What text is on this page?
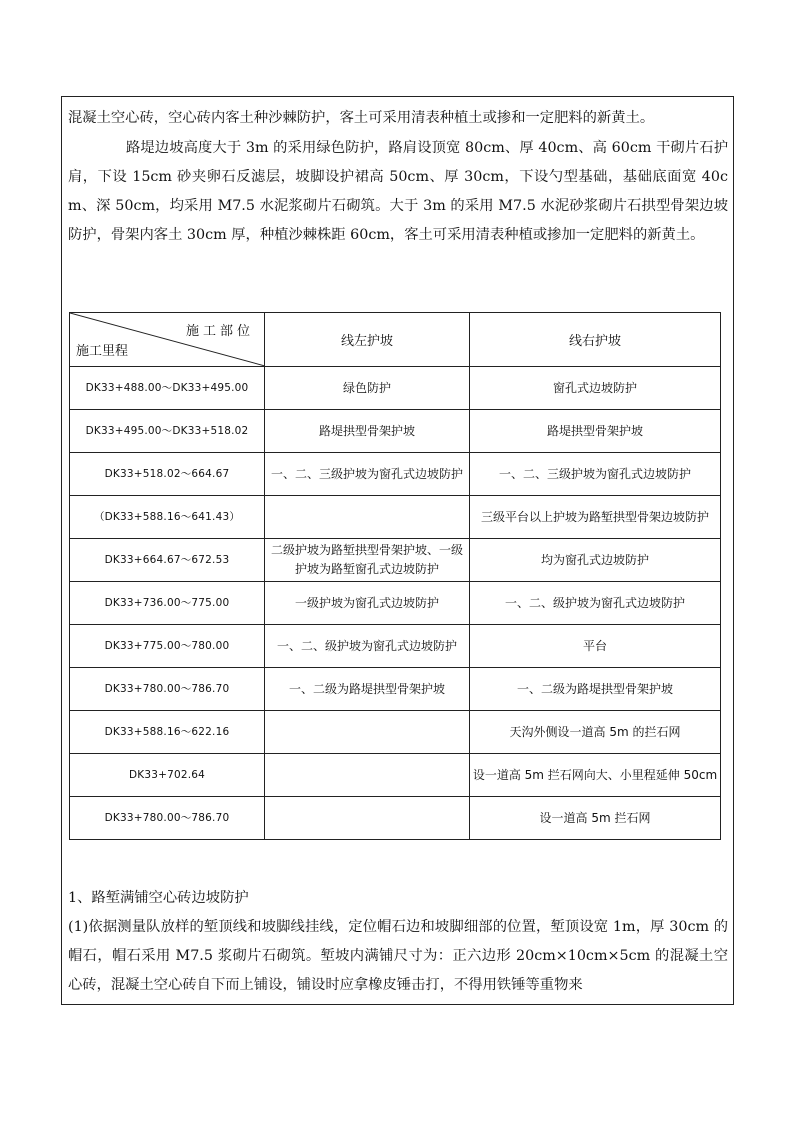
混凝土空心砖，空心砖内客土种沙棘防护，客土可采用清表种植土或掺和一定肥料的新黄土。

路堤边坡高度大于 3m 的采用绿色防护，路肩设顶宽 80cm、厚 40cm、高 60cm 干砌片石护肩，下设 15cm 砂夹卵石反滤层，坡脚设护裙高 50cm、厚 30cm，下设勺型基础，基础底面宽 40cm、深 50cm，均采用 M7.5 水泥浆砌片石砌筑。大于 3m 的采用 M7.5 水泥砂浆砌片石拱型骨架边坡防护，骨架内客土 30cm 厚，种植沙棘株距 60cm，客土可采用清表种植或掺加一定肥料的新黄土。

施工部位
施工里程	线左护坡	线右护坡
DK33+488.00～DK33+495.00	绿色防护	窗孔式边坡防护
DK33+495.00～DK33+518.02	路堤拱型骨架护坡	路堤拱型骨架护坡
DK33+518.02～664.67	一、二、三级护坡为窗孔式边坡防护	一、二、三级护坡为窗孔式边坡防护
（DK33+588.16～641.43）		三级平台以上护坡为路堑拱型骨架边坡防护
DK33+664.67～672.53	二级护坡为路堑拱型骨架护坡、一级护坡为路堑窗孔式边坡防护	均为窗孔式边坡防护
DK33+736.00～775.00	一级护坡为窗孔式边坡防护	一、二、级护坡为窗孔式边坡防护
DK33+775.00～780.00	一、二、级护坡为窗孔式边坡防护	平台
DK33+780.00～786.70	一、二级为路堤拱型骨架护坡	一、二级为路堤拱型骨架护坡
DK33+588.16～622.16		天沟外侧设一道高 5m 的拦石网
DK33+702.64		设一道高 5m 拦石网向大、小里程延伸 50cm
DK33+780.00～786.70		设一道高 5m 拦石网

1、路堑满铺空心砖边坡防护

(1)依据测量队放样的堑顶线和坡脚线挂线，定位帽石边和坡脚细部的位置，堑顶设宽 1m，厚 30cm 的帽石，帽石采用 M7.5 浆砌片石砌筑。堑坡内满铺尺寸为：正六边形 20cm×10cm×5cm 的混凝土空心砖，混凝土空心砖自下而上铺设，铺设时应拿橡皮锤击打，不得用铁锤等重物来
